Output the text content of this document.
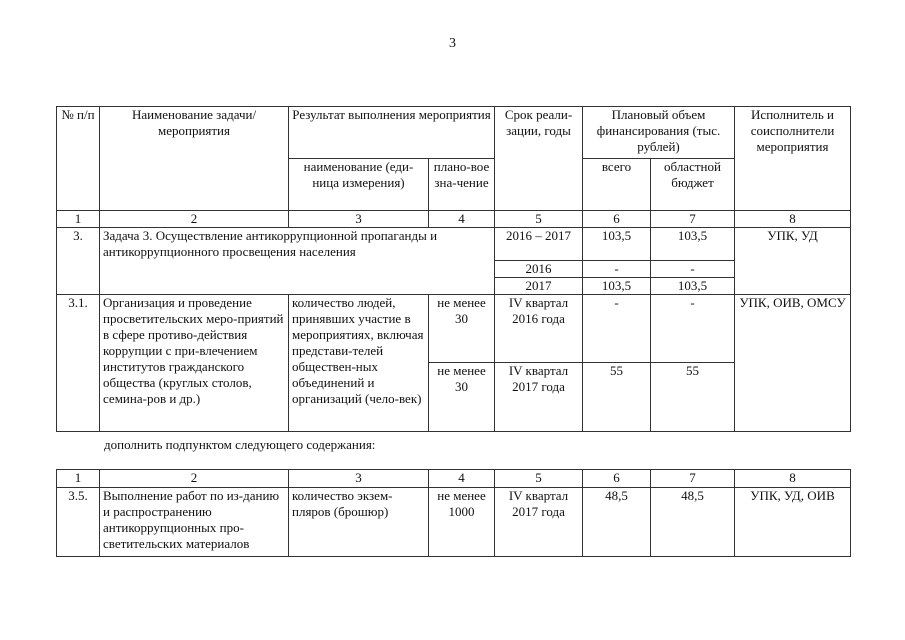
3
№ п/п	Наименование задачи/мероприятия	Результат выполнения мероприятия		Срок реали-зации, годы	Плановый объем финансирования (тыс. рублей)		Исполнитель и соисполнители мероприятия
		наименование (еди-ница измерения)	плано-вое зна-чение		всего	областной бюджет	
1	2	3	4	5	6	7	8
3.	Задача 3. Осуществление антикоррупционной пропаганды и антикоррупционного просвещения населения			2016 – 2017	103,5	103,5	УПК, УД
				2016	-	-	
				2017	103,5	103,5	
3.1.	Организация и проведение просветительских меро-приятий в сфере противо-действия коррупции с при-влечением институтов гражданского общества (круглых столов, семина-ров и др.)	количество людей, принявших участие в мероприятиях, включая представи-телей обществен-ных объединений и организаций (чело-век)	не менее 30	IV квартал 2016 года	-	-	УПК, ОИВ, ОМСУ
			не менее 30	IV квартал 2017 года	55	55	
дополнить подпунктом следующего содержания:
1	2	3	4	5	6	7	8
3.5.	Выполнение работ по из-данию и распространению антикоррупционных про-светительских материалов	количество экзем-пляров (брошюр)	не менее 1000	IV квартал 2017 года	48,5	48,5	УПК, УД, ОИВ
